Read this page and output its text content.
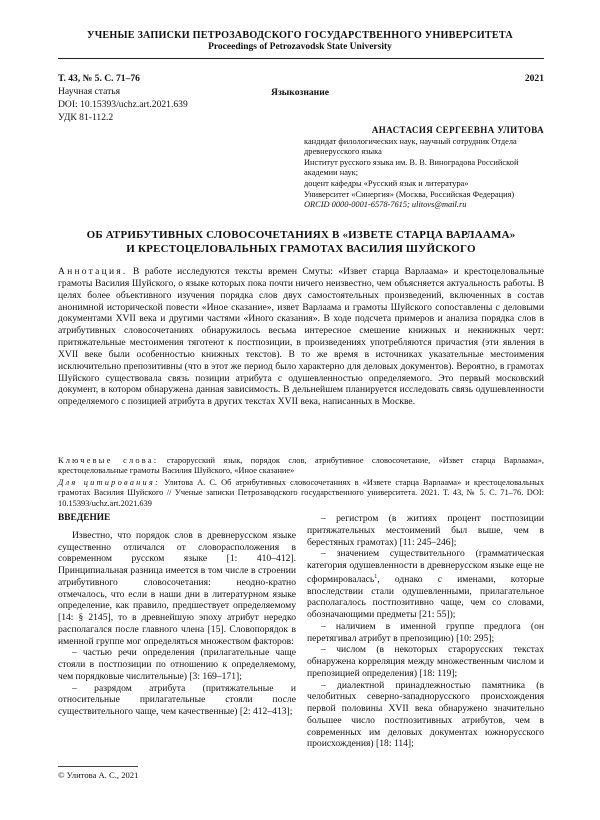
УЧЕНЫЕ ЗАПИСКИ ПЕТРОЗАВОДСКОГО ГОСУДАРСТВЕННОГО УНИВЕРСИТЕТА
Proceedings of Petrozavodsk State University
Т. 43, № 5. С. 71–76	2021
Научная статья	Языкознание
DOI: 10.15393/uchz.art.2021.639
УДК 81-112.2
АНАСТАСИЯ СЕРГЕЕВНА УЛИТОВА

кандидат филологических наук, научный сотрудник Отдела древнерусского языка

Институт русского языка им. В. В. Виноградова Российской академии наук;

доцент кафедры «Русский язык и литература»

Университет «Синергия» (Москва, Российская Федерация)

ORCID 0000-0001-6578-7615; ulitovs@mail.ru

ОБ АТРИБУТИВНЫХ СЛОВОСОЧЕТАНИЯХ В «ИЗВЕТЕ СТАРЦА ВАРЛААМА»
И КРЕСТОЦЕЛОВАЛЬНЫХ ГРАМОТАХ ВАСИЛИЯ ШУЙСКОГО

Аннотация. В работе исследуются тексты времен Смуты: «Извет старца Варлаама» и крестоцеловальные грамоты Василия Шуйского, о языке которых пока почти ничего неизвестно, чем объясняется актуальность работы. В целях более объективного изучения порядка слов двух самостоятельных произведений, включенных в состав анонимной исторической повести «Иное сказание», извет Варлаама и грамоты Шуйского сопоставлены с деловыми документами XVII века и другими частями «Иного сказания». В ходе подсчета примеров и анализа порядка слов в атрибутивных словосочетаниях обнаружилось весьма интересное смешение книжных и некнижных черт: притяжательные местоимения тяготеют к постпозиции, в произведениях употребляются причастия (эти явления в XVII веке были особенностью книжных текстов). В то же время в источниках указательные местоимения исключительно препозитивны (что в этот же период было характерно для деловых документов). Вероятно, в грамотах Шуйского существовала связь позиции атрибута с одушевленностью определяемого. Это первый московский документ, в котором обнаружена данная зависимость. В дельнейшем планируется исследовать связь одушевленности определяемого с позицией атрибута в других текстах XVII века, написанных в Москве.

Ключевые слова: старорусский язык, порядок слов, атрибутивное словосочетание, «Извет старца Варлаама», крестоцеловальные грамоты Василия Шуйского, «Иное сказание»

Для цитирования: Улитова А. С. Об атрибутивных словосочетаниях в «Извете старца Варлаама» и крестоцеловальных грамотах Василия Шуйского // Ученые записки Петрозаводского государственного университета. 2021. Т. 43, № 5. С. 71–76. DOI: 10.15393/uchz.art.2021.639

ВВЕДЕНИЕ

Известно, что порядок слов в древнерусском языке существенно отличался от словорасположения в современном русском языке [1: 410–412]. Принципиальная разница имеется в том числе в строении атрибутивного словосочетания: неодно-кратно отмечалось, что если в наши дни в литературном языке определение, как правило, предшествует определяемому [14: § 2145], то в древнейшую эпоху атрибут нередко располагался после главного члена [15]. Словопорядок в именной группе мог определяться множеством факторов:

– частью речи определения (прилагательные чаще стояли в постпозиции по отношению к определяемому, чем порядковые числительные) [3: 169–171];

– разрядом атрибута (притяжательные и относительные прилагательные стояли после существительного чаще, чем качественные) [2: 412–413];

– регистром (в житиях процент постпозиции притяжательных местоимений был выше, чем в берестяных грамотах) [11: 245–246];

– значением существительного (грамматическая категория одушевленности в древнерусском языке еще не сформировалась$^1$, однако с именами, которые впоследствии стали одушевленными, прилагательное располагалось постпозитивно чаще, чем со словами, обозначающими предметы [21: 55]);

– наличием в именной группе предлога (он перетягивал атрибут в препозицию) [10: 295];

– числом (в некоторых старорусских текстах обнаружена корреляция между множественным числом и препозицией определения) [18: 119];

– диалектной принадлежностью памятника (в челобитных северно-западнорусского происхождения первой половины XVII века обнаружено значительно большее число постпозитивных атрибутов, чем в современных им деловых документах южнорусского происхождения) [18: 114];

© Улитова А. С., 2021
